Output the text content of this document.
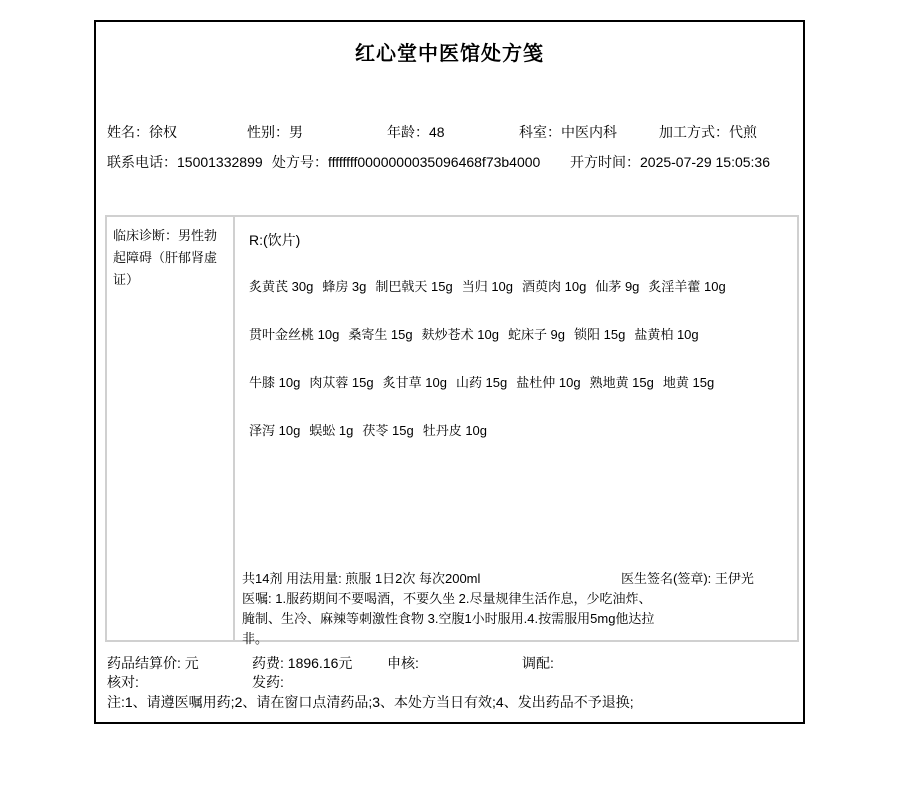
红心堂中医馆处方笺
姓名：徐权	性别：男	年龄：48	科室：中医内科	加工方式：代煎
联系电话：15001332899 处方号：ffffffff0000000035096468f73b4000 开方时间：2025-07-29 15:05:36
临床诊断：男性勃起障碍（肝郁肾虚证）
R:(饮片)
炙黄芪 30g 蜂房 3g 制巴戟天 15g 当归 10g 酒萸肉 10g 仙茅 9g 炙淫羊藿 10g
贯叶金丝桃 10g 桑寄生 15g 麸炒苍术 10g 蛇床子 9g 锁阳 15g 盐黄柏 10g
牛膝 10g 肉苁蓉 15g 炙甘草 10g 山药 15g 盐杜仲 10g 熟地黄 15g 地黄 15g
泽泻 10g 蜈蚣 1g 茯苓 15g 牡丹皮 10g
共14剂 用法用量: 煎服 1日2次 每次200ml	医生签名(签章): 王伊光
医嘱: 1.服药期间不要喝酒，不要久坐 2.尽量规律生活作息，少吃油炸、腌制、生冷、麻辣等刺激性食物 3.空腹1小时服用.4.按需服用5mg他达拉非。
药品结算价: 元	药费: 1896.16元 申核:	调配:
核对:	发药:
注:1、请遵医嘱用药;2、请在窗口点清药品;3、本处方当日有效;4、发出药品不予退换;
